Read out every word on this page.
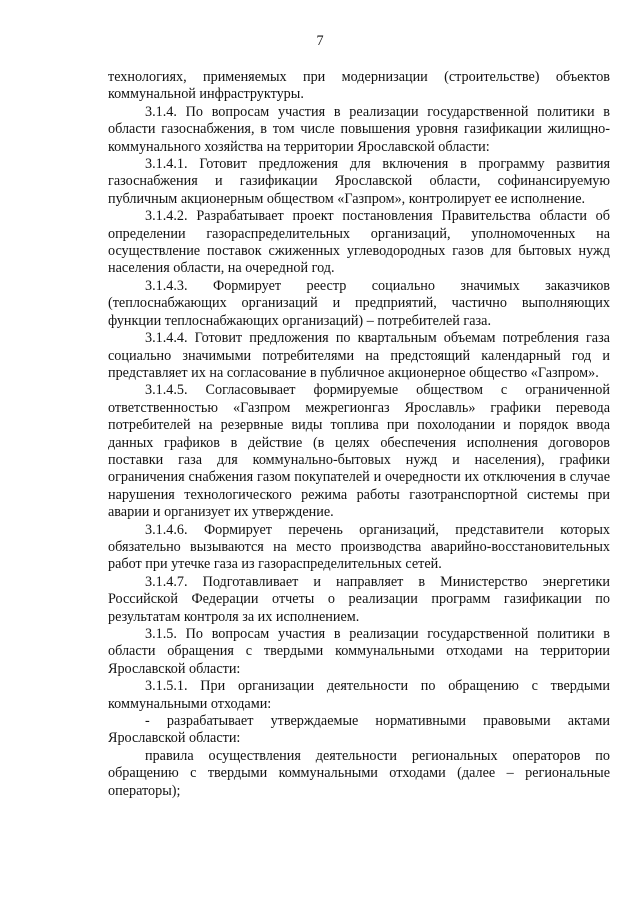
7

технологиях, применяемых при модернизации (строительстве) объектов коммунальной инфраструктуры.

3.1.4. По вопросам участия в реализации государственной политики в области газоснабжения, в том числе повышения уровня газификации жилищно-коммунального хозяйства на территории Ярославской области:

3.1.4.1. Готовит предложения для включения в программу развития газоснабжения и газификации Ярославской области, софинансируемую публичным акционерным обществом «Газпром», контролирует ее исполнение.

3.1.4.2. Разрабатывает проект постановления Правительства области об определении газораспределительных организаций, уполномоченных на осуществление поставок сжиженных углеводородных газов для бытовых нужд населения области, на очередной год.

3.1.4.3. Формирует реестр социально значимых заказчиков (теплоснабжающих организаций и предприятий, частично выполняющих функции теплоснабжающих организаций) – потребителей газа.

3.1.4.4. Готовит предложения по квартальным объемам потребления газа социально значимыми потребителями на предстоящий календарный год и представляет их на согласование в публичное акционерное общество «Газпром».

3.1.4.5. Согласовывает формируемые обществом с ограниченной ответственностью «Газпром межрегионгаз Ярославль» графики перевода потребителей на резервные виды топлива при похолодании и порядок ввода данных графиков в действие (в целях обеспечения исполнения договоров поставки газа для коммунально-бытовых нужд и населения), графики ограничения снабжения газом покупателей и очередности их отключения в случае нарушения технологического режима работы газотранспортной системы при аварии и организует их утверждение.

3.1.4.6. Формирует перечень организаций, представители которых обязательно вызываются на место производства аварийно-восстановительных работ при утечке газа из газораспределительных сетей.

3.1.4.7. Подготавливает и направляет в Министерство энергетики Российской Федерации отчеты о реализации программ газификации по результатам контроля за их исполнением.

3.1.5. По вопросам участия в реализации государственной политики в области обращения с твердыми коммунальными отходами на территории Ярославской области:

3.1.5.1. При организации деятельности по обращению с твердыми коммунальными отходами:

- разрабатывает утверждаемые нормативными правовыми актами Ярославской области:

правила осуществления деятельности региональных операторов по обращению с твердыми коммунальными отходами (далее – региональные операторы);
